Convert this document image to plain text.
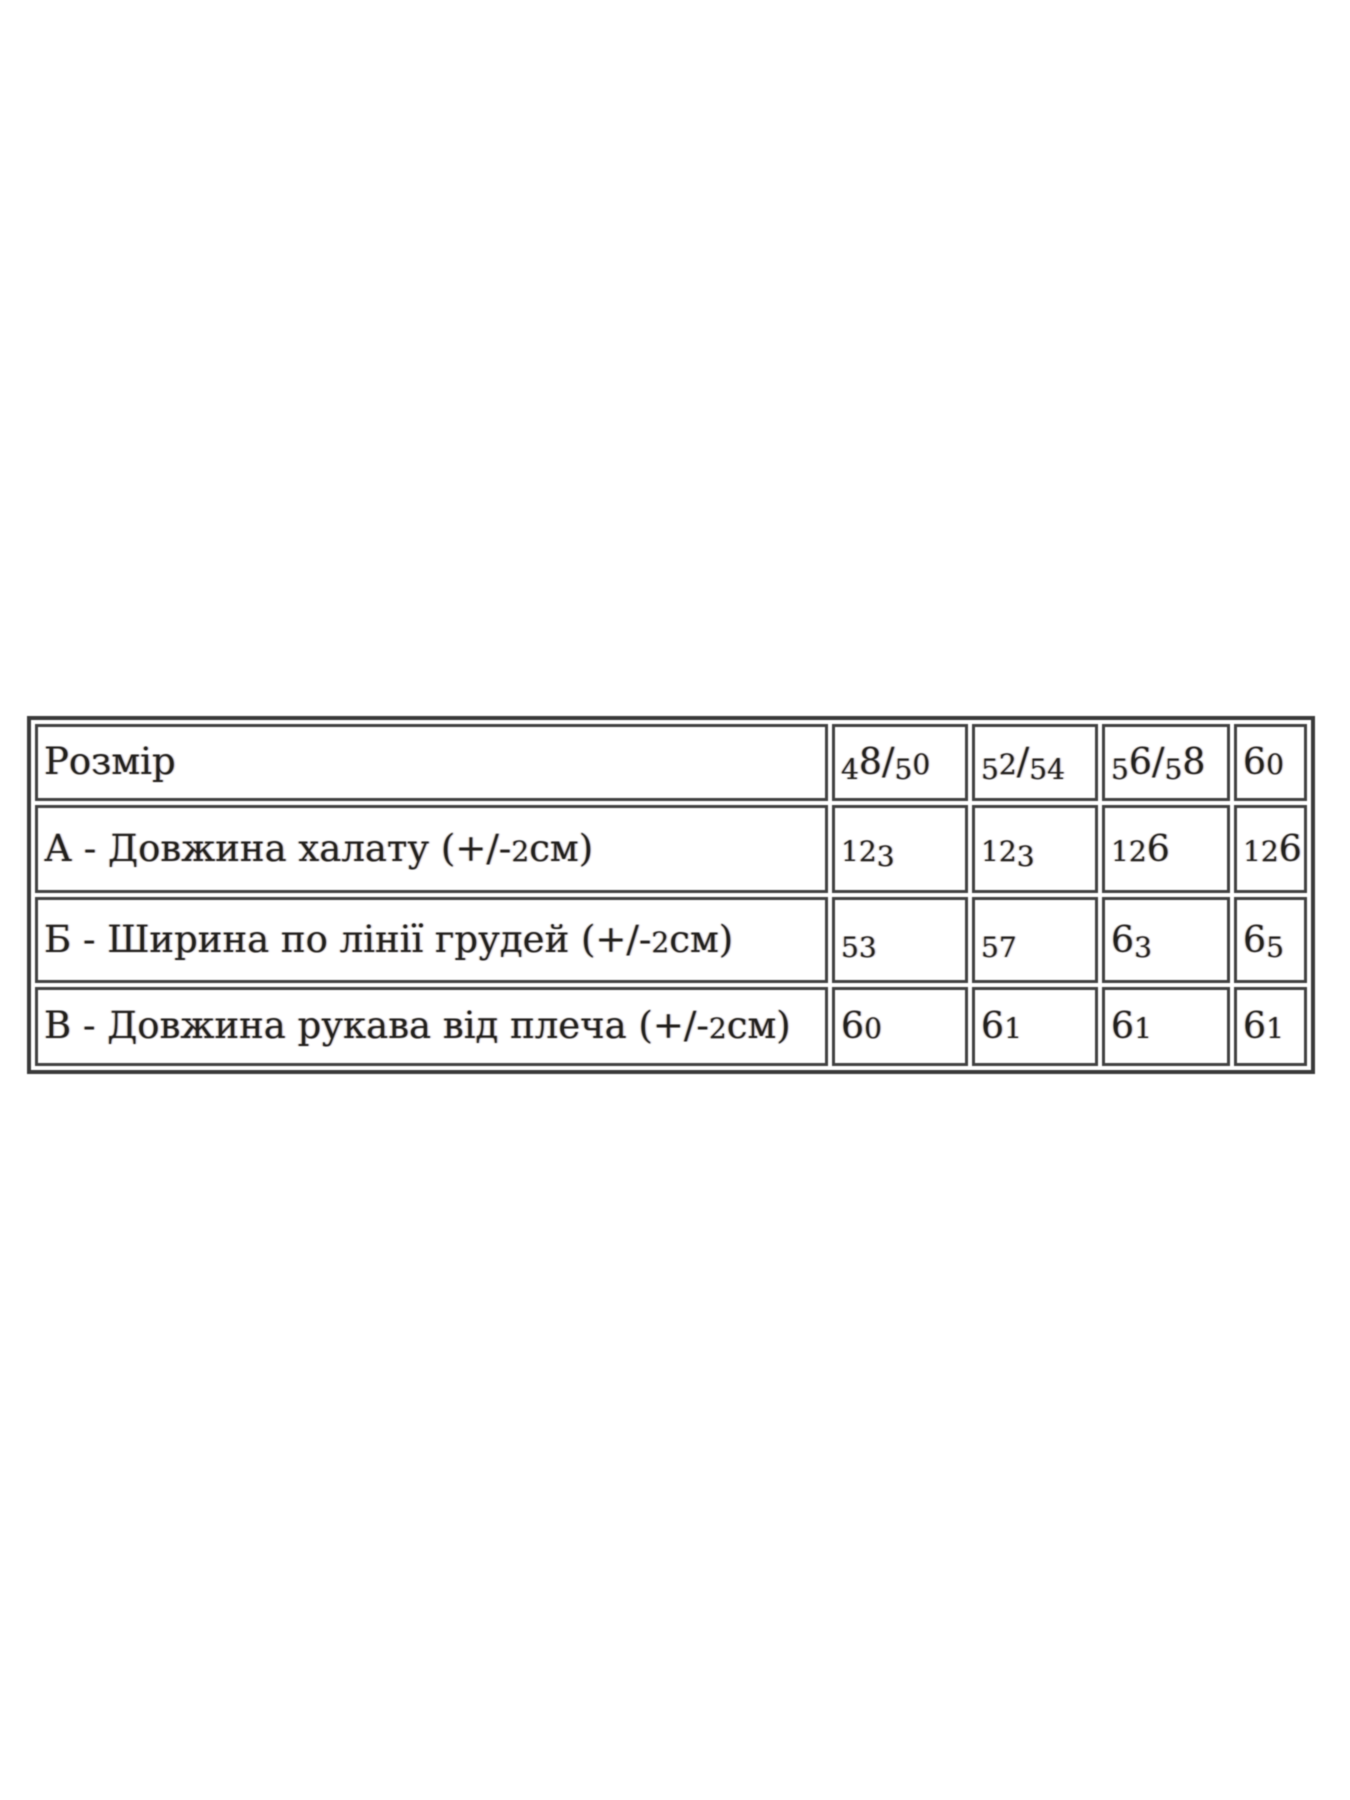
Розмір	48/50	52/54	56/58	60
А - Довжина халату (+/-2см)	123	123	126	126
Б - Ширина по лінії грудей (+/-2см)	53	57	63	65
В - Довжина рукава від плеча (+/-2см)	60	61	61	61
